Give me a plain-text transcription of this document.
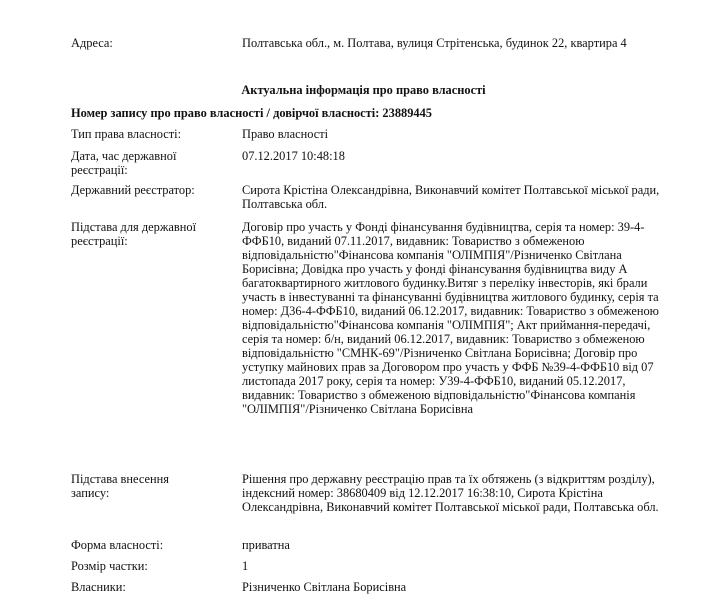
Адреса:	Полтавська обл., м. Полтава, вулиця Стрітенська, будинок 22, квартира 4
Актуальна інформація про право власності
Номер запису про право власності / довірчої власності: 23889445
Тип права власності:	Право власності
Дата, час державної реєстрації:
07.12.2017 10:48:18
Державний реєстратор:	Сирота Крістіна Олександрівна, Виконавчий комітет Полтавської міської ради, Полтавська обл.
Підстава для державної реєстрації:
Договір про участь у Фонді фінансування будівництва, серія та номер: 39-4-ФФБ10, виданий 07.11.2017, видавник: Товариство з обмеженою відповідальністю"Фінансова компанія "ОЛІМПІЯ"/Різниченко Світлана Борисівна; Довідка про участь у фонді фінансування будівництва виду А багатоквартирного житлового будинку.Витяг з переліку інвесторів, які брали участь в інвестуванні та фінансуванні будівництва житлового будинку, серія та номер: Д36-4-ФФБ10, виданий 06.12.2017, видавник: Товариство з обмеженою відповідальністю"Фінансова компанія "ОЛІМПІЯ"; Акт приймання-передачі, серія та номер: б/н, виданий 06.12.2017, видавник: Товариство з обмеженою відповідальністю "СМНК-69"/Різниченко Світлана Борисівна; Договір про уступку майнових прав за Договором про участь у ФФБ №39-4-ФФБ10 від 07 листопада 2017 року, серія та номер: У39-4-ФФБ10, виданий 05.12.2017, видавник: Товариство з обмеженою відповідальністю"Фінансова компанія "ОЛІМПІЯ"/Різниченко Світлана Борисівна
Підстава внесення запису:
Рішення про державну реєстрацію прав та їх обтяжень (з відкриттям розділу), індексний номер: 38680409 від 12.12.2017 16:38:10, Сирота Крістіна Олександрівна, Виконавчий комітет Полтавської міської ради, Полтавська обл.
Форма власності:	приватна
Розмір частки:	1
Власники:	Різниченко Світлана Борисівна
